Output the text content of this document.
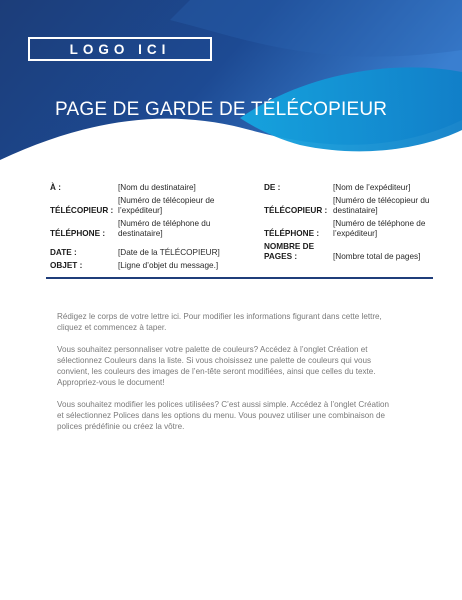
LOGO ICI
PAGE DE GARDE DE TÉLÉCOPIEUR
À :	[Nom du destinataire]
TÉLÉCOPIEUR :
[Numéro de télécopieur de l’expéditeur]
TÉLÉPHONE :
[Numéro de téléphone du destinataire]
DATE :	[Date de la TÉLÉCOPIEUR]
OBJET :	[Ligne d’objet du message.]
DE :	[Nom de l’expéditeur]
TÉLÉCOPIEUR :
[Numéro de télécopieur du destinataire]
TÉLÉPHONE :
[Numéro de téléphone de l’expéditeur]
NOMBRE DE PAGES :	[Nombre total de pages]

Rédigez le corps de votre lettre ici. Pour modifier les informations figurant dans cette lettre, cliquez et commencez à taper.

Vous souhaitez personnaliser votre palette de couleurs? Accédez à l’onglet Création et sélectionnez Couleurs dans la liste. Si vous choisissez une palette de couleurs qui vous convient, les couleurs des images de l’en-tête seront modifiées, ainsi que celles du texte. Appropriez-vous le document!

Vous souhaitez modifier les polices utilisées? C’est aussi simple. Accédez à l’onglet Création et sélectionnez Polices dans les options du menu. Vous pouvez utiliser une combinaison de polices prédéfinie ou créez la vôtre.
